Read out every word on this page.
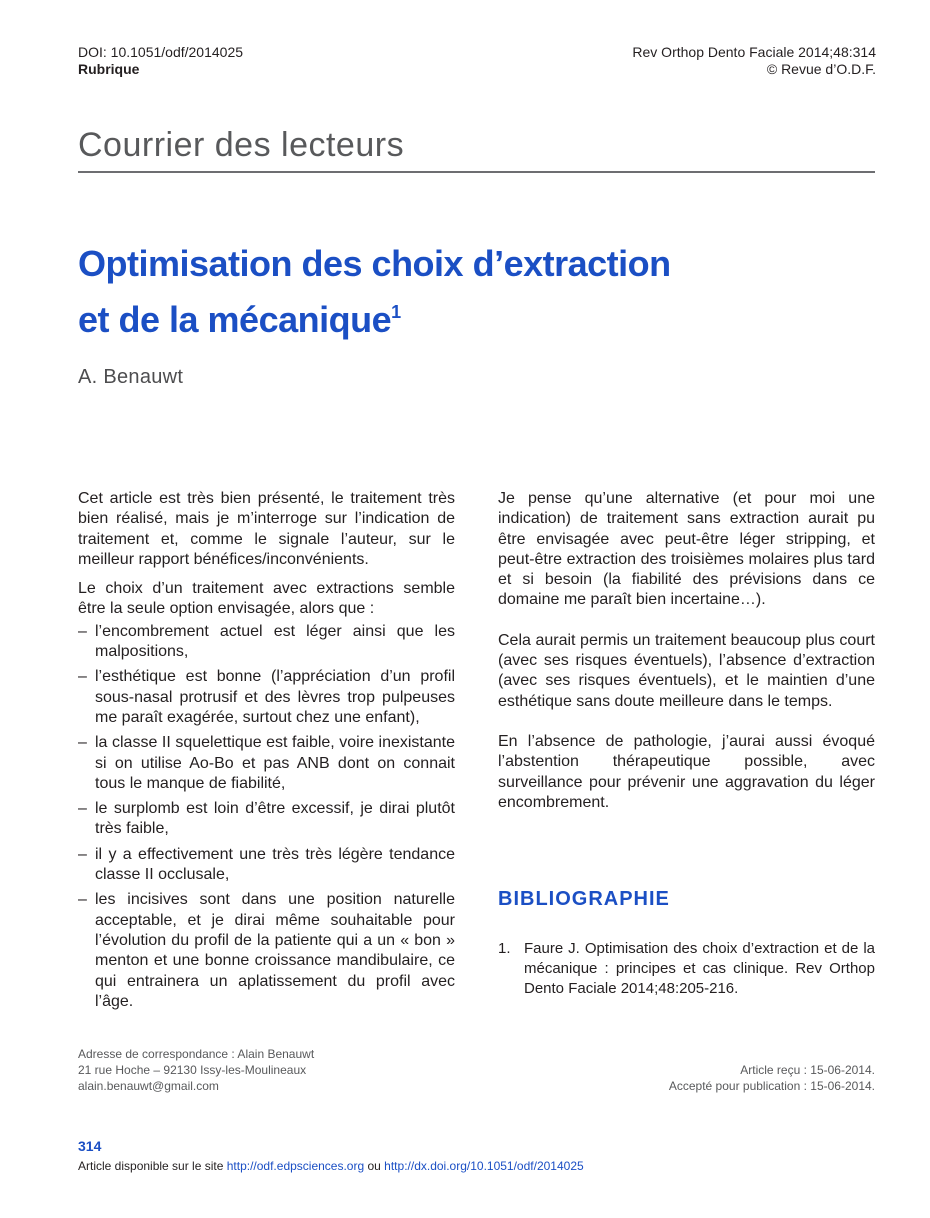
DOI: 10.1051/odf/2014025
Rubrique
Rev Orthop Dento Faciale 2014;48:314
© Revue d’O.D.F.
Courrier des lecteurs
Optimisation des choix d’extraction
et de la mécanique$^1$
A. Benauwt

Cet article est très bien présenté, le traitement très bien réalisé, mais je m’interroge sur l’indication de traitement et, comme le signale l’auteur, sur le meilleur rapport bénéfices/inconvénients.

Le choix d’un traitement avec extractions semble être la seule option envisagée, alors que :

– l’encombrement actuel est léger ainsi que les malpositions,
– l’esthétique est bonne (l’appréciation d’un profil sous-nasal protrusif et des lèvres trop pulpeuses me paraît exagérée, surtout chez une enfant),
– la classe II squelettique est faible, voire inexistante si on utilise Ao-Bo et pas ANB dont on connait tous le manque de fiabilité,
– le surplomb est loin d’être excessif, je dirai plutôt très faible,
– il y a effectivement une très très légère tendance classe II occlusale,
– les incisives sont dans une position naturelle acceptable, et je dirai même souhaitable pour l’évolution du profil de la patiente qui a un « bon » menton et une bonne croissance mandibulaire, ce qui entrainera un aplatissement du profil avec l’âge.

Je pense qu’une alternative (et pour moi une indication) de traitement sans extraction aurait pu être envisagée avec peut-être léger stripping, et peut-être extraction des troisièmes molaires plus tard et si besoin (la fiabilité des prévisions dans ce domaine me paraît bien incertaine…).

Cela aurait permis un traitement beaucoup plus court (avec ses risques éventuels), l’absence d’extraction (avec ses risques éventuels), et le maintien d’une esthétique sans doute meilleure dans le temps.

En l’absence de pathologie, j’aurai aussi évoqué l’abstention thérapeutique possible, avec surveillance pour prévenir une aggravation du léger encombrement.

BIBLIOGRAPHIE
1. Faure J. Optimisation des choix d’extraction et de la mécanique : principes et cas clinique. Rev Orthop Dento Faciale 2014;48:205-216.
Adresse de correspondance : Alain Benauwt
21 rue Hoche – 92130 Issy-les-Moulineaux
alain.benauwt@gmail.com
Article reçu : 15-06-2014.
Accepté pour publication : 15-06-2014.
314
Article disponible sur le site http://odf.edpsciences.org ou http://dx.doi.org/10.1051/odf/2014025
